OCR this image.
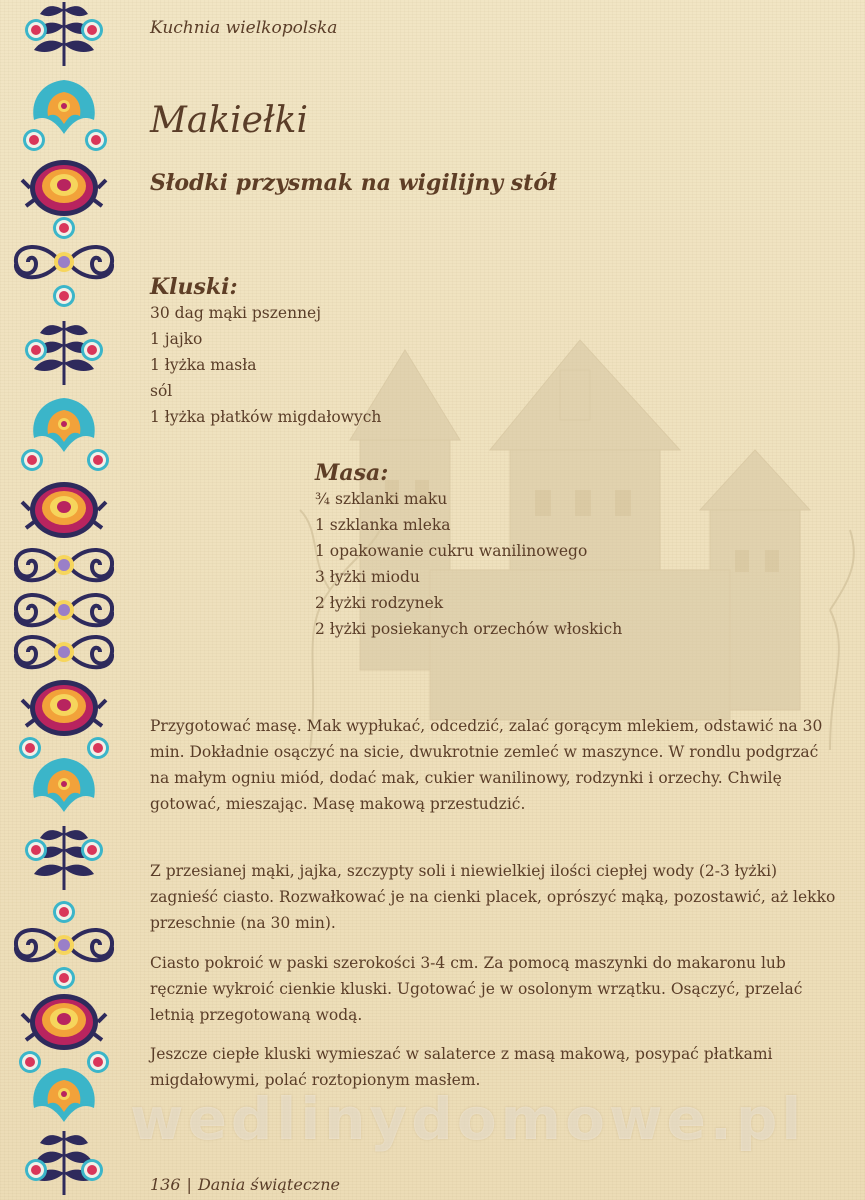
wedlinydomowe.pl
Kuchnia wielkopolska
Makiełki
Słodki przysmak na wigilijny stół
Kluski:
30 dag mąki pszennej
1 jajko
1 łyżka masła
sól
1 łyżka płatków migdałowych
Masa:
¾ szklanki maku
1 szklanka mleka
1 opakowanie cukru wanilinowego
3 łyżki miodu
2 łyżki rodzynek
2 łyżki posiekanych orzechów włoskich

Przygotować masę. Mak wypłukać, odcedzić, zalać gorącym mlekiem, odstawić na 30 min. Dokładnie osączyć na sicie, dwukrotnie zemleć w maszynce. W rondlu podgrzać na małym ogniu miód, dodać mak, cukier wanilinowy, rodzynki i orzechy. Chwilę gotować, mieszając. Masę makową przestudzić.

Z przesianej mąki, jajka, szczypty soli i niewielkiej ilości ciepłej wody (2-3 łyżki) zagnieść ciasto. Rozwałkować je na cienki placek, oprószyć mąką, pozostawić, aż lekko przeschnie (na 30 min).

Ciasto pokroić w paski szerokości 3-4 cm. Za pomocą maszynki do makaronu lub ręcznie wykroić cienkie kluski. Ugotować je w osolonym wrzątku. Osączyć, przelać letnią przegotowaną wodą.

Jeszcze ciepłe kluski wymieszać w salaterce z masą makową, posypać płatkami migdałowymi, polać roztopionym masłem.

136 | Dania świąteczne
